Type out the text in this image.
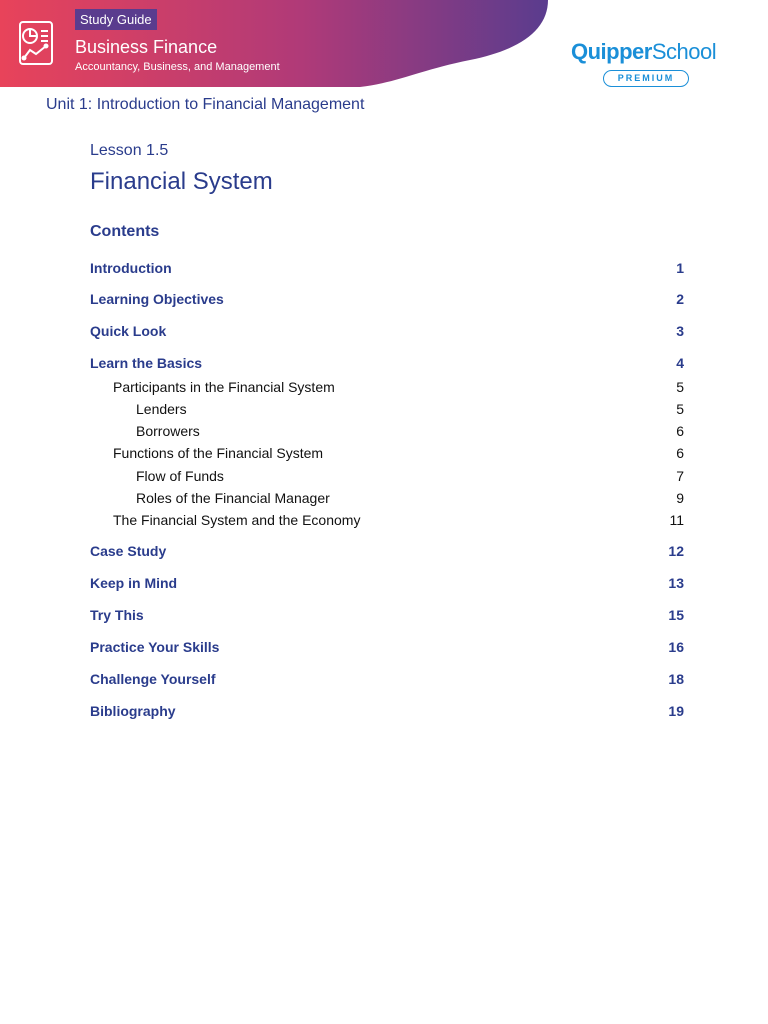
Study Guide
Business Finance
Accountancy, Business, and Management
QuipperSchool
PREMIUM
Unit 1: Introduction to Financial Management
Lesson 1.5
Financial System
Contents
Introduction	1
Learning Objectives	2
Quick Look	3
Learn the Basics	4
Participants in the Financial System	5
Lenders	5
Borrowers	6
Functions of the Financial System	6
Flow of Funds	7
Roles of the Financial Manager	9
The Financial System and the Economy	11
Case Study	12
Keep in Mind	13
Try This	15
Practice Your Skills	16
Challenge Yourself	18
Bibliography	19
